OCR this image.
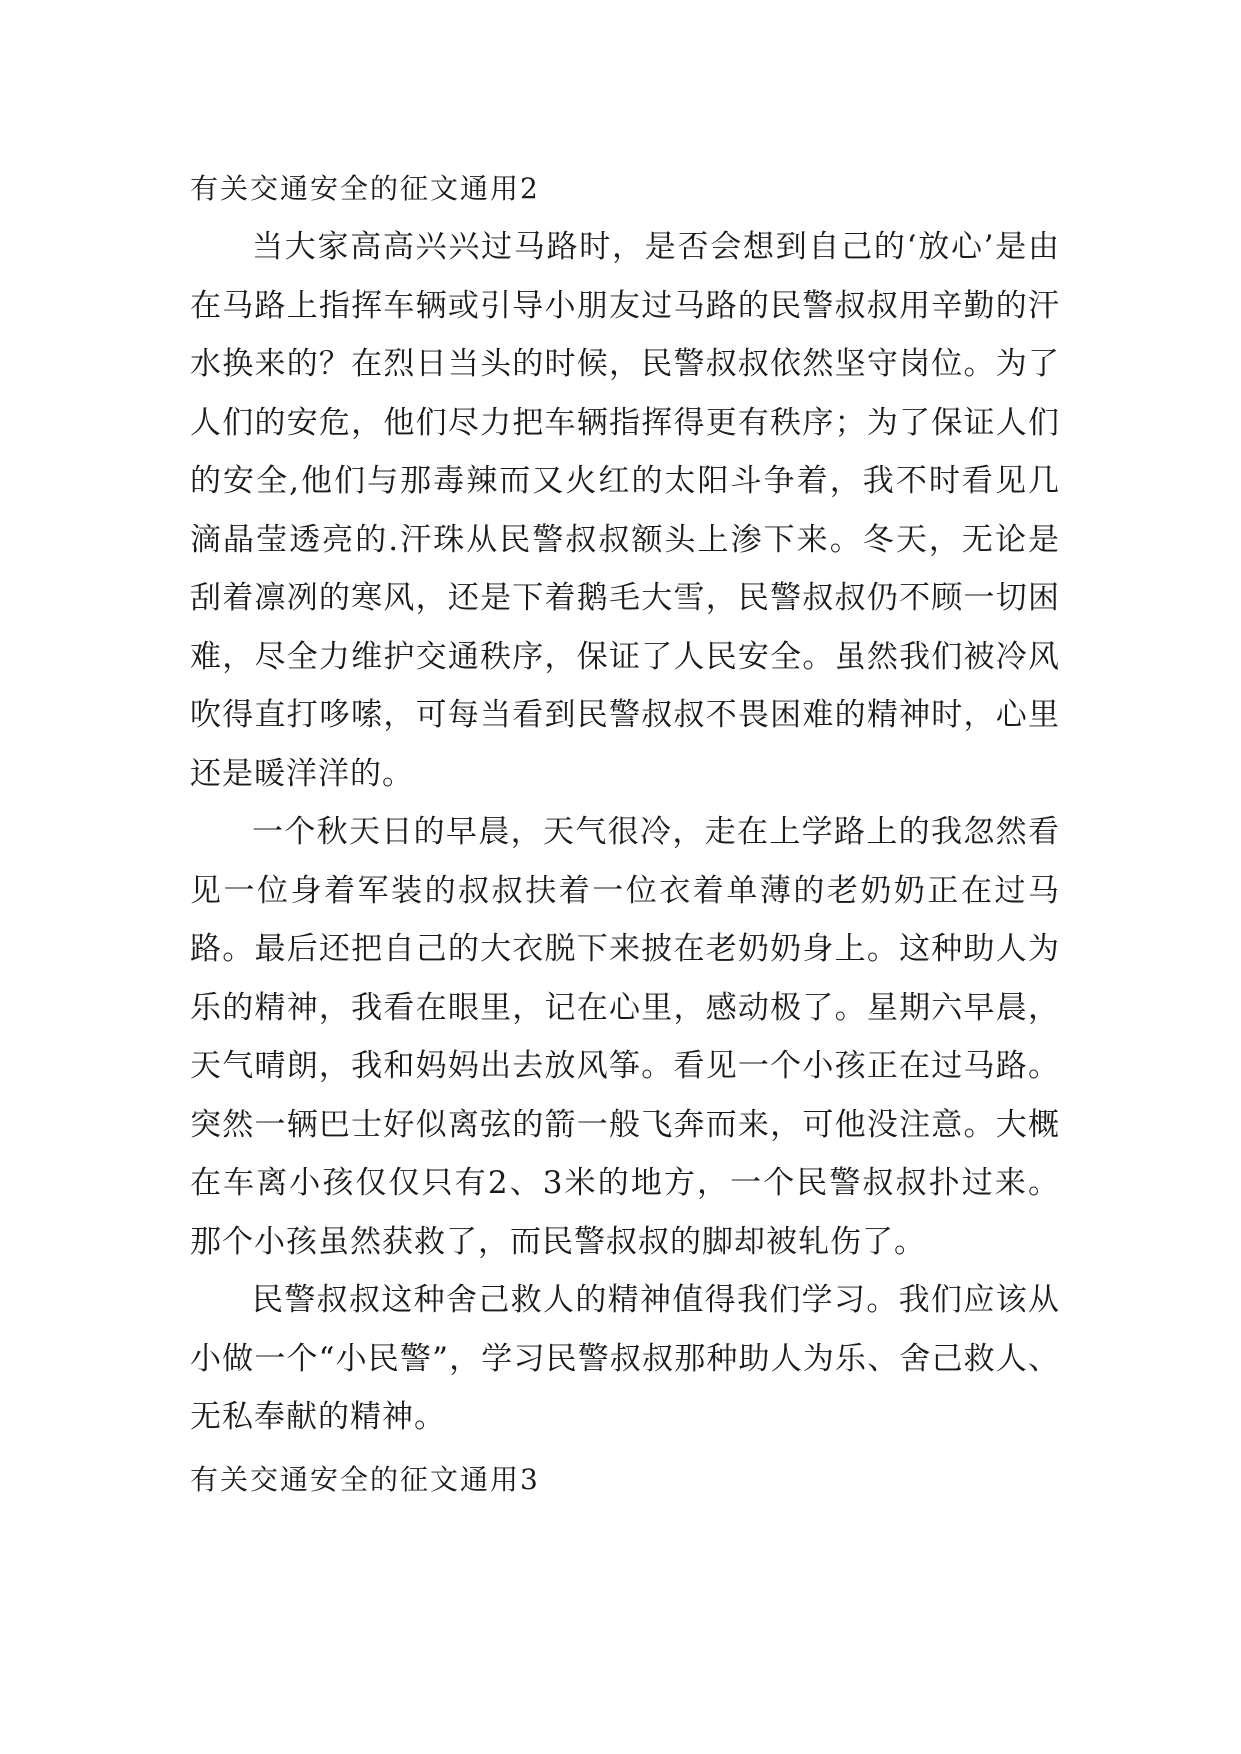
有关交通安全的征文通用2

当大家高高兴兴过马路时，是否会想到自己的‘放心’是由在马路上指挥车辆或引导小朋友过马路的民警叔叔用辛勤的汗水换来的？在烈日当头的时候，民警叔叔依然坚守岗位。为了人们的安危，他们尽力把车辆指挥得更有秩序；为了保证人们的安全,他们与那毒辣而又火红的太阳斗争着，我不时看见几滴晶莹透亮的.汗珠从民警叔叔额头上渗下来。冬天，无论是刮着凛冽的寒风，还是下着鹅毛大雪，民警叔叔仍不顾一切困难，尽全力维护交通秩序，保证了人民安全。虽然我们被冷风吹得直打哆嗦，可每当看到民警叔叔不畏困难的精神时，心里还是暖洋洋的。

一个秋天日的早晨，天气很冷，走在上学路上的我忽然看见一位身着军装的叔叔扶着一位衣着单薄的老奶奶正在过马路。最后还把自己的大衣脱下来披在老奶奶身上。这种助人为乐的精神，我看在眼里，记在心里，感动极了。星期六早晨，天气晴朗，我和妈妈出去放风筝。看见一个小孩正在过马路。突然一辆巴士好似离弦的箭一般飞奔而来，可他没注意。大概在车离小孩仅仅只有2、3米的地方，一个民警叔叔扑过来。那个小孩虽然获救了，而民警叔叔的脚却被轧伤了。

民警叔叔这种舍己救人的精神值得我们学习。我们应该从小做一个“小民警”，学习民警叔叔那种助人为乐、舍己救人、无私奉献的精神。

有关交通安全的征文通用3
